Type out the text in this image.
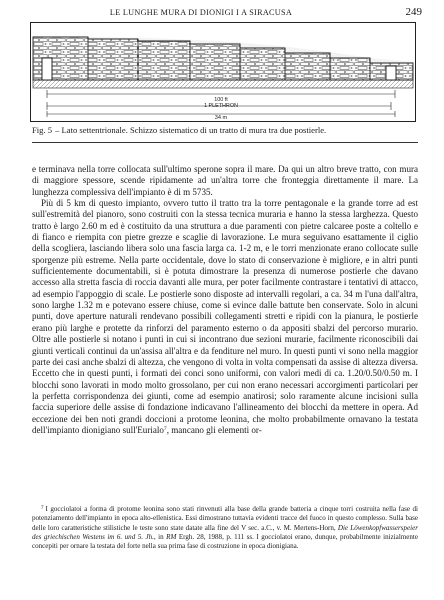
LE LUNGHE MURA DI DIONIGI I A SIRACUSA	249
100 ft
1 PLETHRON
34 m
Fig. 5 – Lato settentrionale. Schizzo sistematico di un tratto di mura tra due postierle.

e terminava nella torre collocata sull'ultimo sperone sopra il mare. Da qui un altro breve tratto, con mura di maggiore spessore, scende ripidamente ad un'altra torre che fronteggia direttamente il mare. La lunghezza complessiva dell'impianto è di m 5735.

Più di 5 km di questo impianto, ovvero tutto il tratto tra la torre pentagonale e la grande torre ad est sull'estremità del pianoro, sono costruiti con la stessa tecnica muraria e hanno la stessa larghezza. Questo tratto è largo 2.60 m ed è costituito da una struttura a due paramenti con pietre calcaree poste a coltello e di fianco e riempita con pietre grezze e scaglie di lavorazione. Le mura seguivano esattamente il ciglio della scogliera, lasciando libera solo una fascia larga ca. 1-2 m, e le torri menzionate erano collocate sulle sporgenze più estreme. Nella parte occidentale, dove lo stato di conservazione è migliore, e in altri punti sufficientemente documentabili, si è potuta dimostrare la presenza di numerose postierle che davano accesso alla stretta fascia di roccia davanti alle mura, per poter facilmente contrastare i tentativi di attacco, ad esempio l'appoggio di scale. Le postierle sono disposte ad intervalli regolari, a ca. 34 m l'una dall'altra, sono larghe 1.32 m e potevano essere chiuse, come si evince dalle battute ben conservate. Solo in alcuni punti, dove aperture naturali rendevano possibili collegamenti stretti e ripidi con la pianura, le postierle erano più larghe e protette da rinforzi del paramento esterno o da appositi sbalzi del percorso murario. Oltre alle postierle si notano i punti in cui si incontrano due sezioni murarie, facilmente riconoscibili dai giunti verticali continui da un'assisa all'altra e da fenditure nel muro. In questi punti vi sono nella maggior parte dei casi anche sbalzi di altezza, che vengono di volta in volta compensati da assise di altezza diversa. Eccetto che in questi punti, i formati dei conci sono uniformi, con valori medi di ca. 1.20/0.50/0.50 m. I blocchi sono lavorati in modo molto grossolano, per cui non erano necessari accorgimenti particolari per la perfetta corrispondenza dei giunti, come ad esempio anatirosi; solo raramente alcune incisioni sulla faccia superiore delle assise di fondazione indicavano l'allineamento dei blocchi da mettere in opera. Ad eccezione dei ben noti grandi doccioni a protome leonina, che molto probabilmente ornavano la testata dell'impianto dionigiano sull'Eurialo$^7$, mancano gli elementi or-

$^7$ I gocciolatoi a forma di protome leonina sono stati rinvenuti alla base della grande batteria a cinque torri costruita nella fase di potenziamento dell'impianto in epoca alto-ellenistica. Essi dimostrano tuttavia evidenti tracce del fuoco in questo complesso. Sulla base delle loro caratteristiche stilistiche le teste sono state datate alla fine del V sec. a.C., v. M. Mertens-Horn, Die Löwenkopfwasserspeier des griechischen Westens im 6. und 5. Jh., in RM Ergh. 28, 1988, p. 111 ss. I gocciolatoi erano, dunque, probabilmente inizialmente concepiti per ornare la testata del forte nella sua prima fase di costruzione in epoca dionigiana.
